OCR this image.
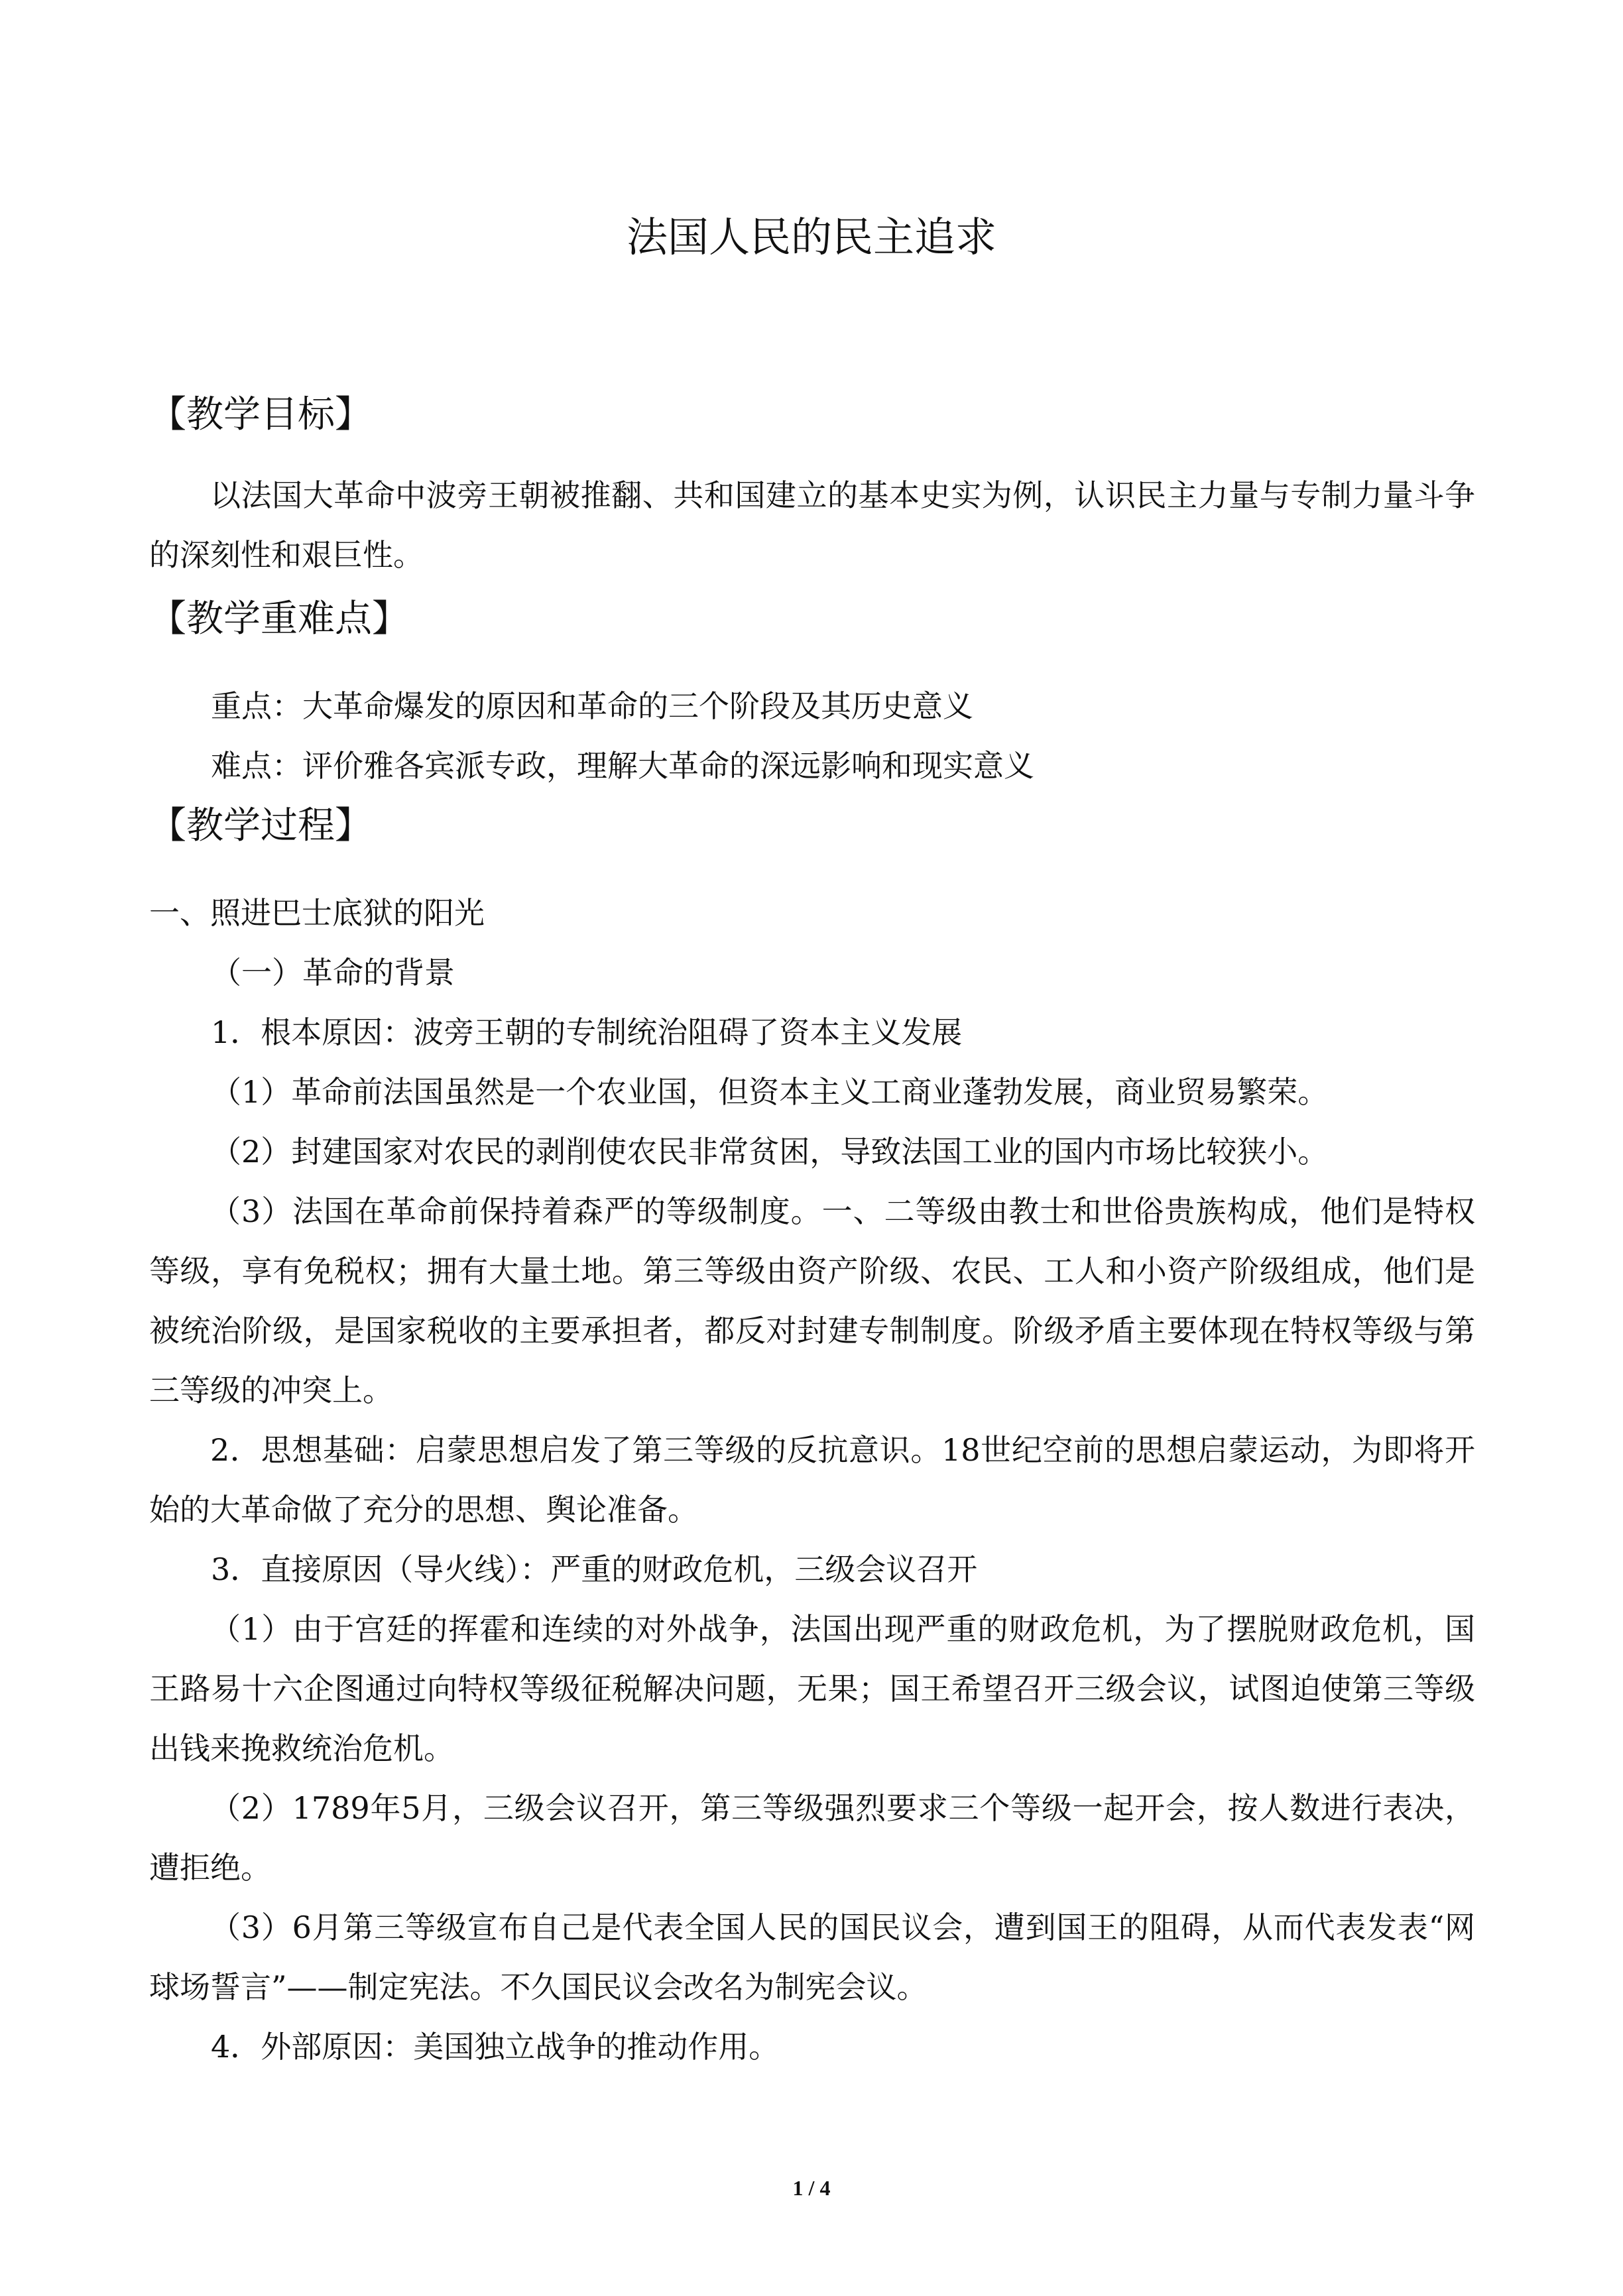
法国人民的民主追求
【教学目标】

以法国大革命中波旁王朝被推翻、共和国建立的基本史实为例，认识民主力量与专制力量斗争的深刻性和艰巨性。

【教学重难点】

重点：大革命爆发的原因和革命的三个阶段及其历史意义

难点：评价雅各宾派专政，理解大革命的深远影响和现实意义

【教学过程】

一、照进巴士底狱的阳光

（一）革命的背景

1．根本原因：波旁王朝的专制统治阻碍了资本主义发展

（1）革命前法国虽然是一个农业国，但资本主义工商业蓬勃发展，商业贸易繁荣。

（2）封建国家对农民的剥削使农民非常贫困，导致法国工业的国内市场比较狭小。

（3）法国在革命前保持着森严的等级制度。一、二等级由教士和世俗贵族构成，他们是特权等级，享有免税权；拥有大量土地。第三等级由资产阶级、农民、工人和小资产阶级组成，他们是被统治阶级，是国家税收的主要承担者，都反对封建专制制度。阶级矛盾主要体现在特权等级与第三等级的冲突上。

2．思想基础：启蒙思想启发了第三等级的反抗意识。18世纪空前的思想启蒙运动，为即将开始的大革命做了充分的思想、舆论准备。

3．直接原因（导火线）：严重的财政危机，三级会议召开

（1）由于宫廷的挥霍和连续的对外战争，法国出现严重的财政危机，为了摆脱财政危机，国王路易十六企图通过向特权等级征税解决问题，无果；国王希望召开三级会议，试图迫使第三等级出钱来挽救统治危机。

（2）1789年5月，三级会议召开，第三等级强烈要求三个等级一起开会，按人数进行表决，遭拒绝。

（3）6月第三等级宣布自己是代表全国人民的国民议会，遭到国王的阻碍，从而代表发表“网球场誓言”——制定宪法。不久国民议会改名为制宪会议。

4．外部原因：美国独立战争的推动作用。

1 / 4
